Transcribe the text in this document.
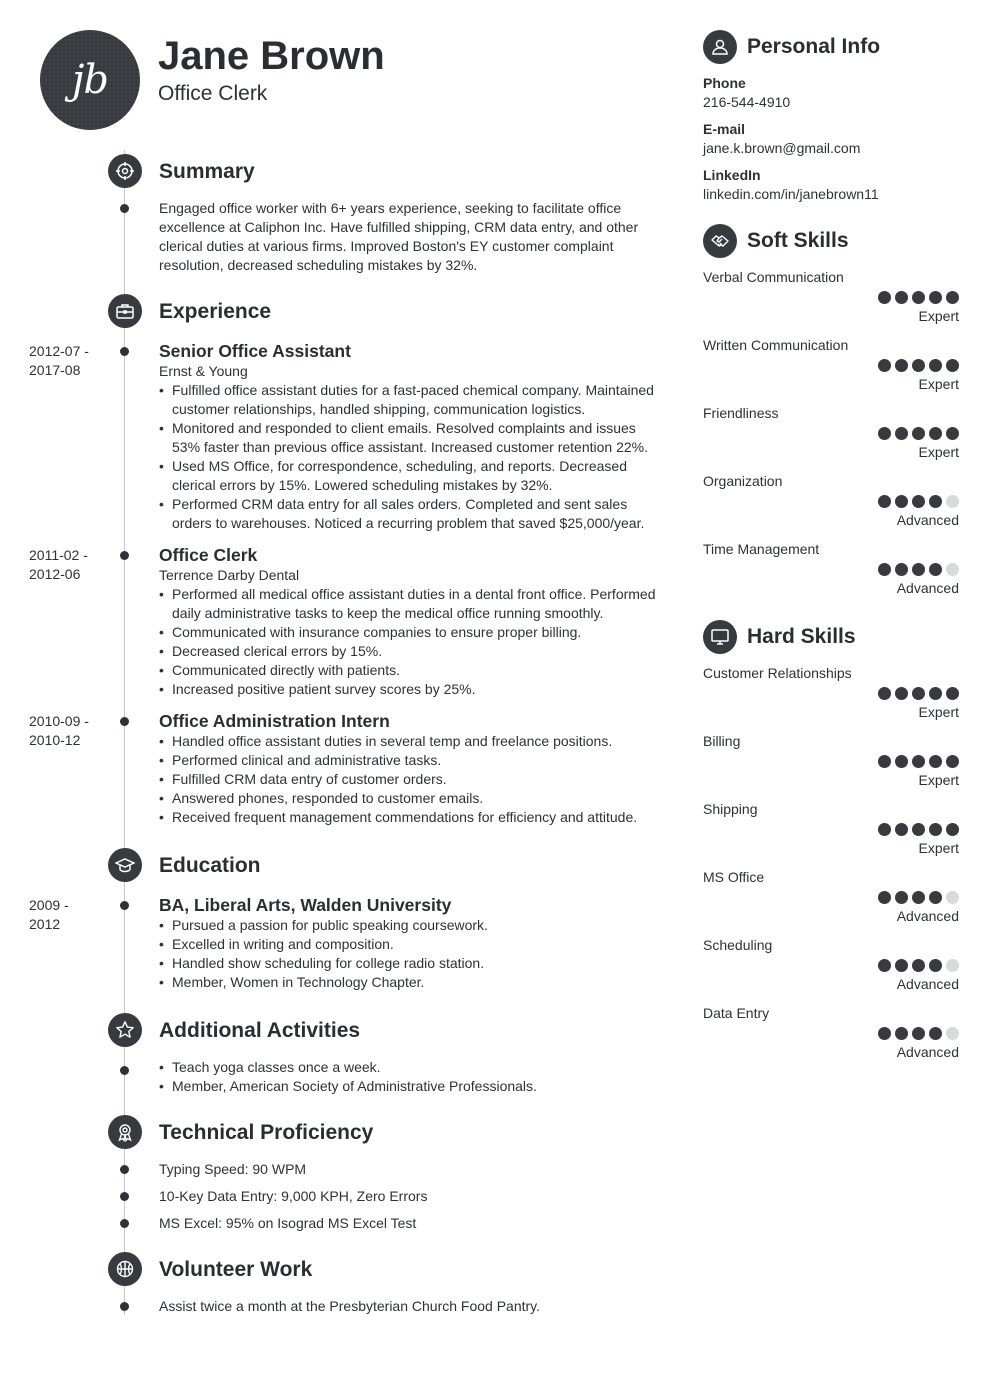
jb
Jane Brown
Office Clerk
Summary

Engaged office worker with 6+ years experience, seeking to facilitate office excellence at Caliphon Inc. Have fulfilled shipping, CRM data entry, and other clerical duties at various firms. Improved Boston's EY customer complaint resolution, decreased scheduling mistakes by 32%.

Experience
2012-07 -
2017-08
Senior Office Assistant
Ernst & Young
• Fulfilled office assistant duties for a fast-paced chemical company. Maintained customer relationships, handled shipping, communication logistics.
• Monitored and responded to client emails. Resolved complaints and issues 53% faster than previous office assistant. Increased customer retention 22%.
• Used MS Office, for correspondence, scheduling, and reports. Decreased clerical errors by 15%. Lowered scheduling mistakes by 32%.
• Performed CRM data entry for all sales orders. Completed and sent sales orders to warehouses. Noticed a recurring problem that saved $25,000/year.
2011-02 -
2012-06
Office Clerk
Terrence Darby Dental
• Performed all medical office assistant duties in a dental front office. Performed daily administrative tasks to keep the medical office running smoothly.
• Communicated with insurance companies to ensure proper billing.
• Decreased clerical errors by 15%.
• Communicated directly with patients.
• Increased positive patient survey scores by 25%.
2010-09 -
2010-12
Office Administration Intern
• Handled office assistant duties in several temp and freelance positions.
• Performed clinical and administrative tasks.
• Fulfilled CRM data entry of customer orders.
• Answered phones, responded to customer emails.
• Received frequent management commendations for efficiency and attitude.
Education
2009 -
2012
BA, Liberal Arts, Walden University
• Pursued a passion for public speaking coursework.
• Excelled in writing and composition.
• Handled show scheduling for college radio station.
• Member, Women in Technology Chapter.
Additional Activities
• Teach yoga classes once a week.
• Member, American Society of Administrative Professionals.
Technical Proficiency
Typing Speed: 90 WPM
10-Key Data Entry: 9,000 KPH, Zero Errors
MS Excel: 95% on Isograd MS Excel Test
Volunteer Work
Assist twice a month at the Presbyterian Church Food Pantry.
Personal Info
Phone
216-544-4910
E-mail
jane.k.brown@gmail.com
LinkedIn
linkedin.com/in/janebrown11
Soft Skills
Verbal Communication
Expert
Written Communication
Expert
Friendliness
Expert
Organization
Advanced
Time Management
Advanced
Hard Skills
Customer Relationships
Expert
Billing
Expert
Shipping
Expert
MS Office
Advanced
Scheduling
Advanced
Data Entry
Advanced
